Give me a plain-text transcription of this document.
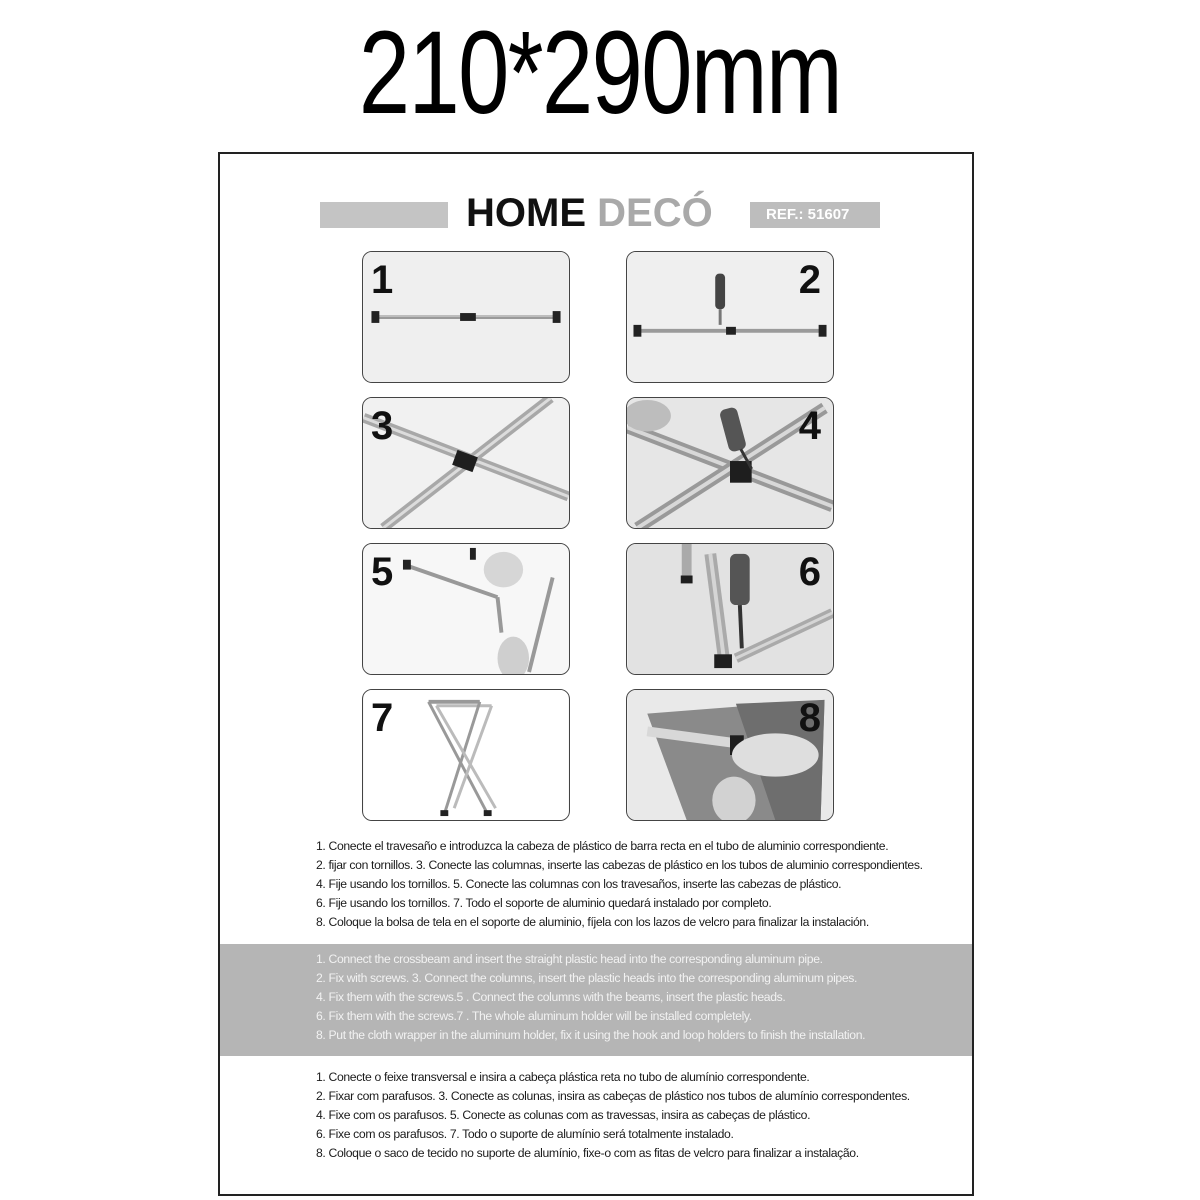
210*290mm
HOME DECÓ	REF.: 51607
1	2
3	4
5	6
7	8
1. Conecte el travesaño e introduzca la cabeza de plástico de barra recta en el tubo de aluminio correspondiente.
2. fijar con tornillos. 3. Conecte las columnas, inserte las cabezas de plástico en los tubos de aluminio correspondientes.
4. Fije usando los tornillos. 5. Conecte las columnas con los travesaños, inserte las cabezas de plástico.
6. Fije usando los tornillos. 7. Todo el soporte de aluminio quedará instalado por completo.
8. Coloque la bolsa de tela en el soporte de aluminio, fíjela con los lazos de velcro para finalizar la instalación.
1. Connect the crossbeam and insert the straight plastic head into the corresponding aluminum pipe.
2. Fix with screws. 3. Connect the columns, insert the plastic heads into the corresponding aluminum pipes.
4. Fix them with the screws.5 . Connect the columns with the beams, insert the plastic heads.
6. Fix them with the screws.7 . The whole aluminum holder will be installed completely.
8. Put the cloth wrapper in the aluminum holder, fix it using the hook and loop holders to finish the installation.
1. Conecte o feixe transversal e insira a cabeça plástica reta no tubo de alumínio correspondente.
2. Fixar com parafusos. 3. Conecte as colunas, insira as cabeças de plástico nos tubos de alumínio correspondentes.
4. Fixe com os parafusos. 5. Conecte as colunas com as travessas, insira as cabeças de plástico.
6. Fixe com os parafusos. 7. Todo o suporte de alumínio será totalmente instalado.
8. Coloque o saco de tecido no suporte de alumínio, fixe-o com as fitas de velcro para finalizar a instalação.
